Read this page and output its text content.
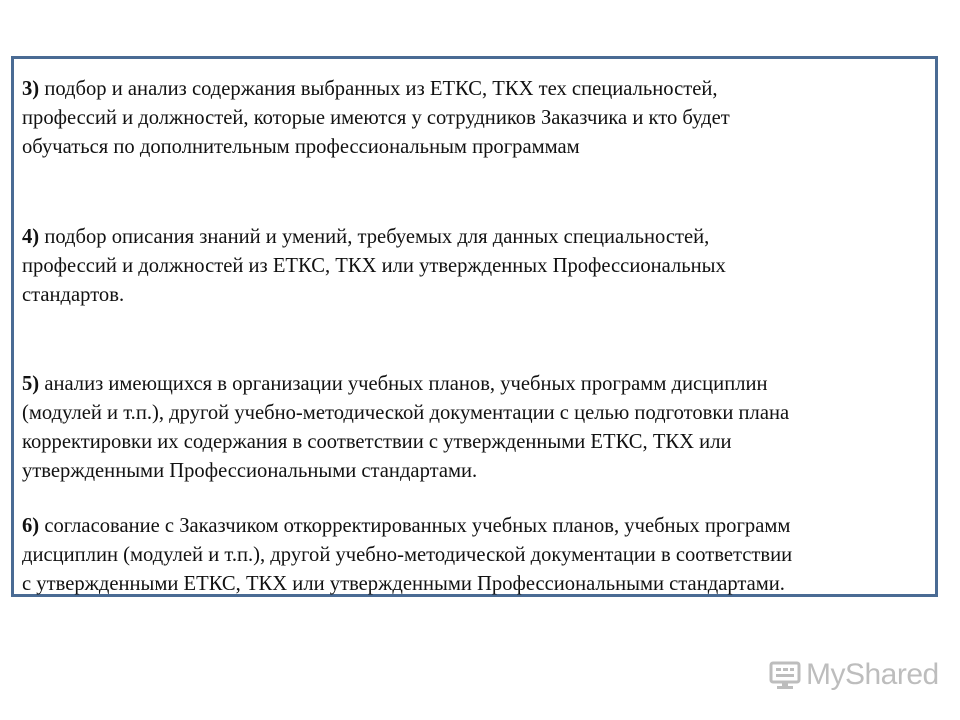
3) подбор и анализ содержания выбранных из ЕТКС, ТКХ тех специальностей,
профессий и должностей, которые имеются у сотрудников Заказчика и кто будет
обучаться по дополнительным профессиональным программам

4) подбор описания знаний и умений, требуемых для данных специальностей,
профессий и должностей из ЕТКС, ТКХ или утвержденных Профессиональных
стандартов.

5) анализ имеющихся в организации учебных планов, учебных программ дисциплин
(модулей и т.п.), другой учебно-методической документации с целью подготовки плана
корректировки их содержания в соответствии с утвержденными ЕТКС, ТКХ или
утвержденными Профессиональными стандартами.

6) согласование с Заказчиком откорректированных учебных планов, учебных программ
дисциплин (модулей и т.п.), другой учебно-методической документации в соответствии
с утвержденными ЕТКС, ТКХ или утвержденными Профессиональными стандартами.

MyShared
